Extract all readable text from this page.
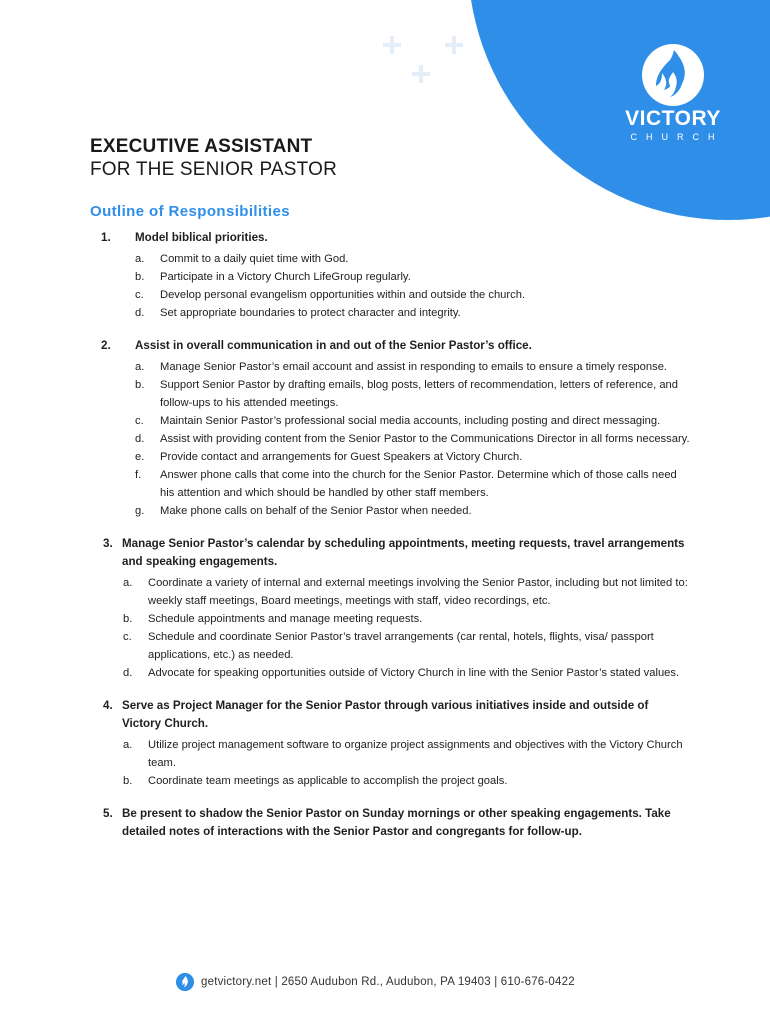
VICTORY
CHURCH
EXECUTIVE ASSISTANT
FOR THE SENIOR PASTOR
Outline of Responsibilities
1.	Model biblical priorities.
a.	Commit to a daily quiet time with God.
b.	Participate in a Victory Church LifeGroup regularly.
c.	Develop personal evangelism opportunities within and outside the church.
d.	Set appropriate boundaries to protect character and integrity.
2.	Assist in overall communication in and out of the Senior Pastor’s office.
a.	Manage Senior Pastor’s email account and assist in responding to emails to ensure a timely response.
b.	Support Senior Pastor by drafting emails, blog posts, letters of recommendation, letters of reference, and follow-ups to his attended meetings.
c.	Maintain Senior Pastor’s professional social media accounts, including posting and direct messaging.
d.	Assist with providing content from the Senior Pastor to the Communications Director in all forms necessary.
e.	Provide contact and arrangements for Guest Speakers at Victory Church.
f.	Answer phone calls that come into the church for the Senior Pastor. Determine which of those calls need his attention and which should be handled by other staff members.
g.	Make phone calls on behalf of the Senior Pastor when needed.
3. Manage Senior Pastor’s calendar by scheduling appointments, meeting requests, travel arrangements and speaking engagements.
a.	Coordinate a variety of internal and external meetings involving the Senior Pastor, including but not limited to: weekly staff meetings, Board meetings, meetings with staff, video recordings, etc.
b.	Schedule appointments and manage meeting requests.
c.	Schedule and coordinate Senior Pastor’s travel arrangements (car rental, hotels, flights, visa/ passport applications, etc.) as needed.
d.	Advocate for speaking opportunities outside of Victory Church in line with the Senior Pastor’s stated values.
4. Serve as Project Manager for the Senior Pastor through various initiatives inside and outside of Victory Church.
a.	Utilize project management software to organize project assignments and objectives with the Victory Church team.
b.	Coordinate team meetings as applicable to accomplish the project goals.
5. Be present to shadow the Senior Pastor on Sunday mornings or other speaking engagements. Take detailed notes of interactions with the Senior Pastor and congregants for follow-up.
getvictory.net | 2650 Audubon Rd., Audubon, PA 19403 | 610-676-0422
